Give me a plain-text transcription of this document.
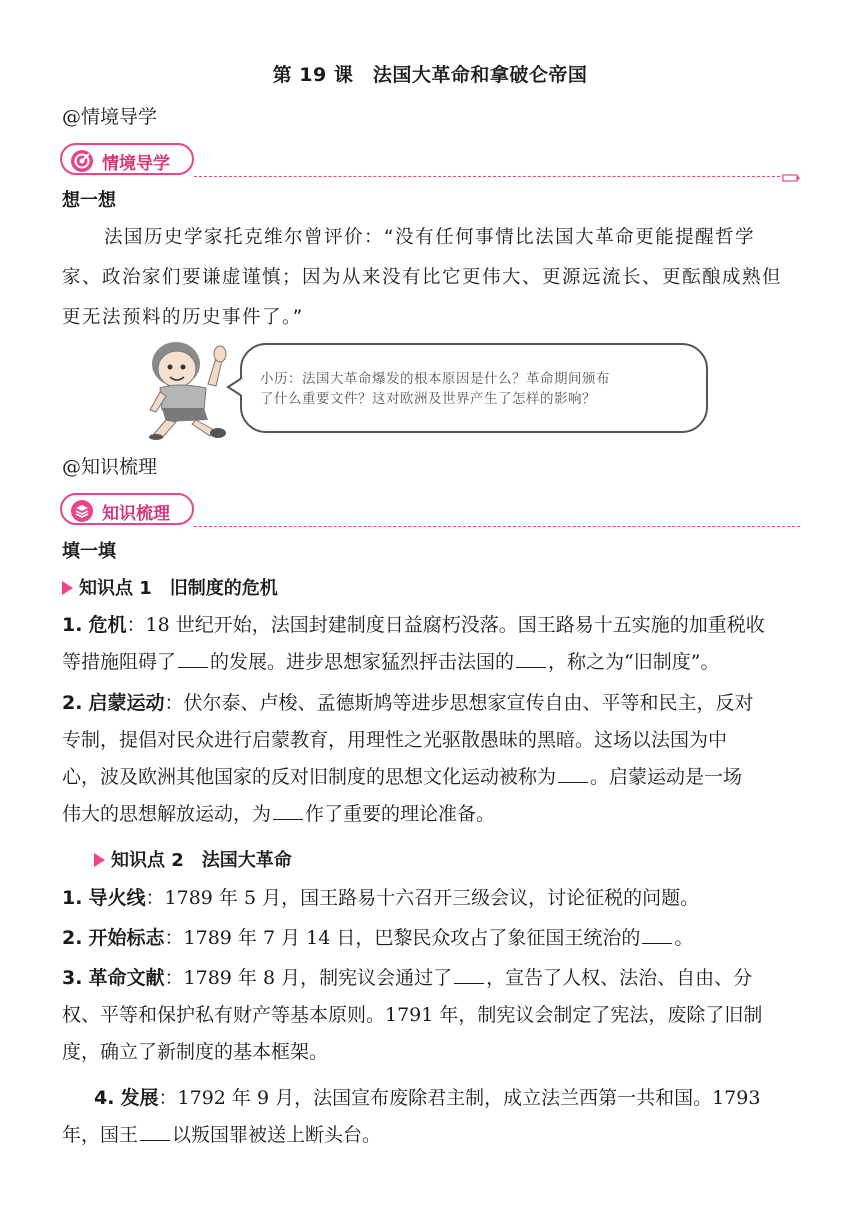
第 19 课　法国大革命和拿破仑帝国
@情境导学
情境导学
想一想
法国历史学家托克维尔曾评价：“没有任何事情比法国大革命更能提醒哲学
家、政治家们要谦虚谨慎；因为从来没有比它更伟大、更源远流长、更酝酿成熟但
更无法预料的历史事件了。”
小历：法国大革命爆发的根本原因是什么？革命期间颁布
了什么重要文件？这对欧洲及世界产生了怎样的影响？
@知识梳理
知识梳理
填一填
知识点 1　旧制度的危机
1. 危机：18 世纪开始，法国封建制度日益腐朽没落。国王路易十五实施的加重税收
等措施阻碍了 的发展。进步思想家猛烈抨击法国的 ，称之为“旧制度”。
2. 启蒙运动：伏尔泰、卢梭、孟德斯鸠等进步思想家宣传自由、平等和民主，反对
专制，提倡对民众进行启蒙教育，用理性之光驱散愚昧的黑暗。这场以法国为中
心，波及欧洲其他国家的反对旧制度的思想文化运动被称为 。启蒙运动是一场
伟大的思想解放运动，为 作了重要的理论准备。
知识点 2　法国大革命
1. 导火线：1789 年 5 月，国王路易十六召开三级会议，讨论征税的问题。
2. 开始标志：1789 年 7 月 14 日，巴黎民众攻占了象征国王统治的 。
3. 革命文献：1789 年 8 月，制宪议会通过了 ，宣告了人权、法治、自由、分
权、平等和保护私有财产等基本原则。1791 年，制宪议会制定了宪法，废除了旧制
度，确立了新制度的基本框架。
4. 发展：1792 年 9 月，法国宣布废除君主制，成立法兰西第一共和国。1793
年，国王 以叛国罪被送上断头台。
